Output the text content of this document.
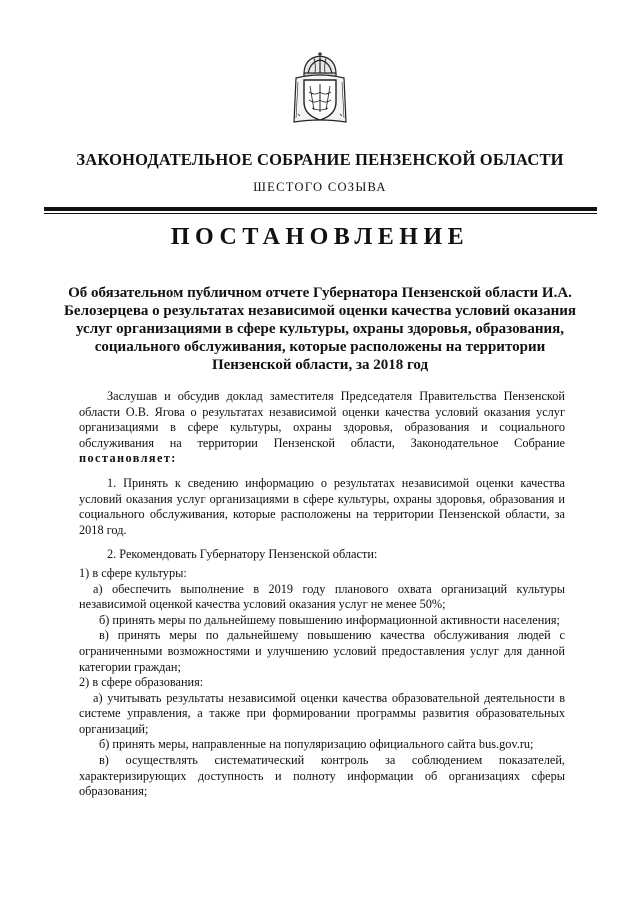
ЗАКОНОДАТЕЛЬНОЕ СОБРАНИЕ ПЕНЗЕНСКОЙ ОБЛАСТИ
ШЕСТОГО СОЗЫВА
ПОСТАНОВЛЕНИЕ
Об обязательном публичном отчете Губернатора Пензенской области И.А. Белозерцева о результатах независимой оценки качества условий оказания услуг организациями в сфере культуры, охраны здоровья, образования, социального обслуживания, которые расположены на территории Пензенской области, за 2018 год

Заслушав и обсудив доклад заместителя Председателя Правительства Пензенской области О.В. Ягова о результатах независимой оценки качества условий оказания услуг организациями в сфере культуры, охраны здоровья, образования и социального обслуживания на территории Пензенской области, Законодательное Собрание постановляет:

1. Принять к сведению информацию о результатах независимой оценки качества условий оказания услуг организациями в сфере культуры, охраны здоровья, образования и социального обслуживания, которые расположены на территории Пензенской области, за 2018 год.

2. Рекомендовать Губернатору Пензенской области:

1) в сфере культуры:

а) обеспечить выполнение в 2019 году планового охвата организаций культуры независимой оценкой качества условий оказания услуг не менее 50%;

б) принять меры по дальнейшему повышению информационной активности населения;

в) принять меры по дальнейшему повышению качества обслуживания людей с ограниченными возможностями и улучшению условий предоставления услуг для данной категории граждан;

2) в сфере образования:

а) учитывать результаты независимой оценки качества образовательной деятельности в системе управления, а также при формировании программы развития образовательных организаций;

б) принять меры, направленные на популяризацию официального сайта bus.gov.ru;

в) осуществлять систематический контроль за соблюдением показателей, характеризирующих доступность и полноту информации об организациях сферы образования;
